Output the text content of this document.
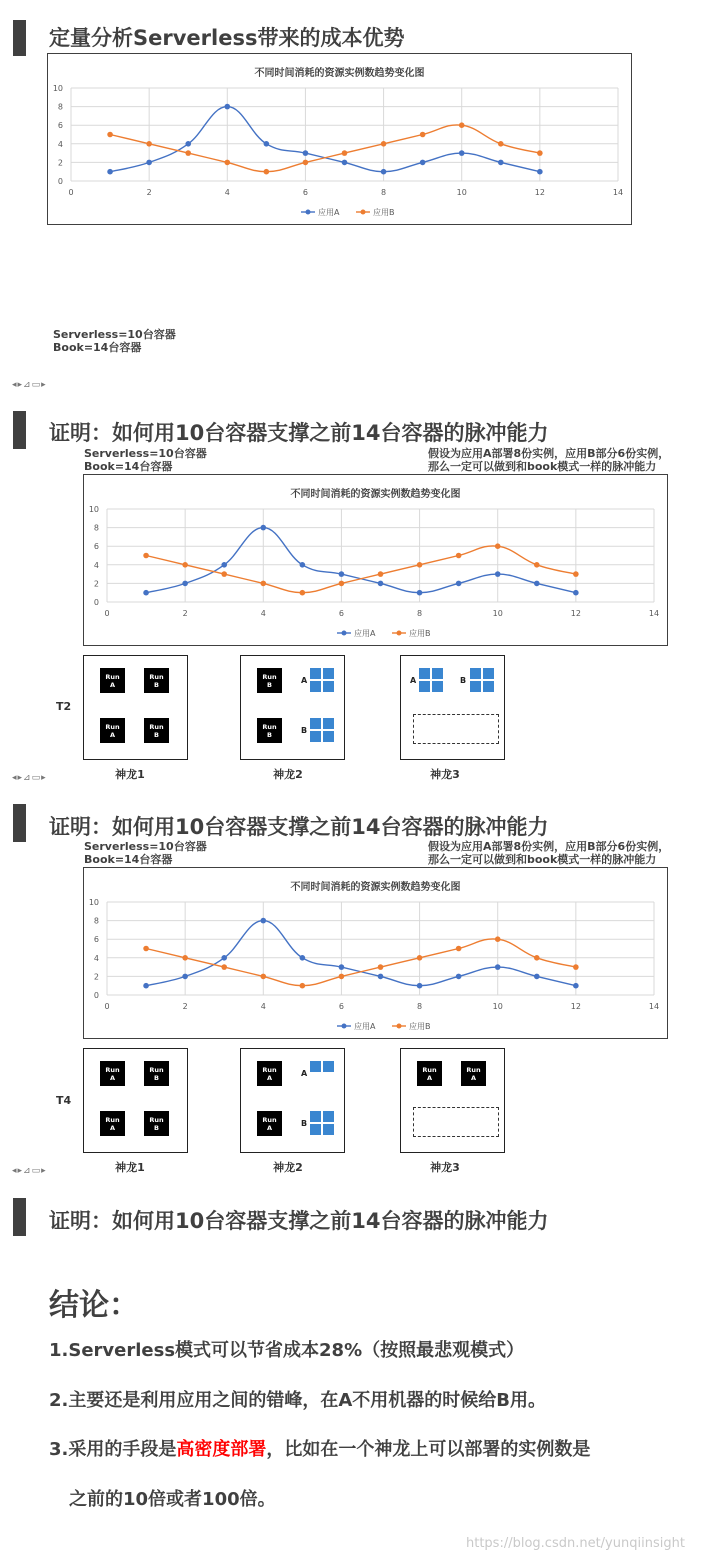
定量分析Serverless带来的成本优势
不同时间消耗的资源实例数趋势变化图
0
2
4
6
8
10
0	2	4	6	8	10	12	14
应用A	应用B
Serverless=10台容器
Book=14台容器
◂▸⊿▭▸
证明：如何用10台容器支撑之前14台容器的脉冲能力
Serverless=10台容器
Book=14台容器
假设为应用A部署8份实例，应用B部分6份实例，
那么一定可以做到和book模式一样的脉冲能力
不同时间消耗的资源实例数趋势变化图
0
2
4
6
8
10
0	2	4	6	8	10	12	14
应用A	应用B
T2
Run
A
Run
B
Run
A
Run
B
Run
B	A
Run
B	B
A	B
神龙1	神龙2	神龙3
◂▸⊿▭▸
证明：如何用10台容器支撑之前14台容器的脉冲能力
Serverless=10台容器
Book=14台容器
假设为应用A部署8份实例，应用B部分6份实例，
那么一定可以做到和book模式一样的脉冲能力
不同时间消耗的资源实例数趋势变化图
0
2
4
6
8
10
0	2	4	6	8	10	12	14
应用A	应用B
T4
Run
A
Run
B
Run
A
Run
B
Run
A	A
Run
A	B
Run
A
Run
A
神龙1	神龙2	神龙3
◂▸⊿▭▸
证明：如何用10台容器支撑之前14台容器的脉冲能力
结论：
1.Serverless模式可以节省成本28%（按照最悲观模式）
2.主要还是利用应用之间的错峰，在A不用机器的时候给B用。
3.采用的手段是高密度部署，比如在一个神龙上可以部署的实例数是
之前的10倍或者100倍。
https://blog.csdn.net/yunqiinsight
